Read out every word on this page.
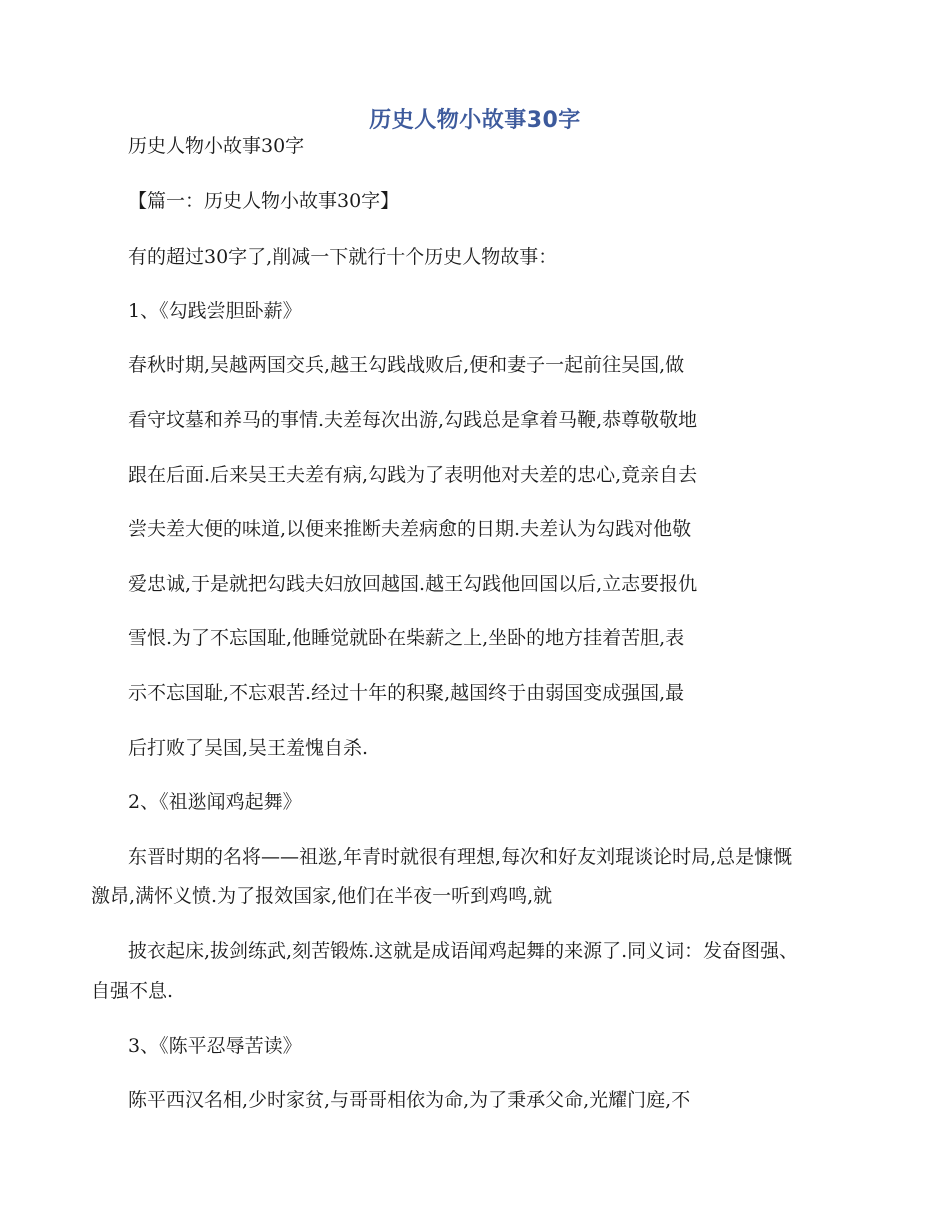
历史人物小故事30字
历史人物小故事30字
【篇一：历史人物小故事30字】
有的超过30字了,削减一下就行十个历史人物故事：
1、《勾践尝胆卧薪》
春秋时期,吴越两国交兵,越王勾践战败后,便和妻子一起前往吴国,做
看守坟墓和养马的事情.夫差每次出游,勾践总是拿着马鞭,恭尊敬敬地
跟在后面.后来吴王夫差有病,勾践为了表明他对夫差的忠心,竟亲自去
尝夫差大便的味道,以便来推断夫差病愈的日期.夫差认为勾践对他敬
爱忠诚,于是就把勾践夫妇放回越国.越王勾践他回国以后,立志要报仇
雪恨.为了不忘国耻,他睡觉就卧在柴薪之上,坐卧的地方挂着苦胆,表
示不忘国耻,不忘艰苦.经过十年的积聚,越国终于由弱国变成强国,最
后打败了吴国,吴王羞愧自杀.
2、《祖逖闻鸡起舞》
东晋时期的名将——祖逖,年青时就很有理想,每次和好友刘琨谈论时局,总是慷慨
激昂,满怀义愤.为了报效国家,他们在半夜一听到鸡鸣,就
披衣起床,拔剑练武,刻苦锻炼.这就是成语闻鸡起舞的来源了.同义词：发奋图强、
自强不息.
3、《陈平忍辱苦读》
陈平西汉名相,少时家贫,与哥哥相依为命,为了秉承父命,光耀门庭,不
